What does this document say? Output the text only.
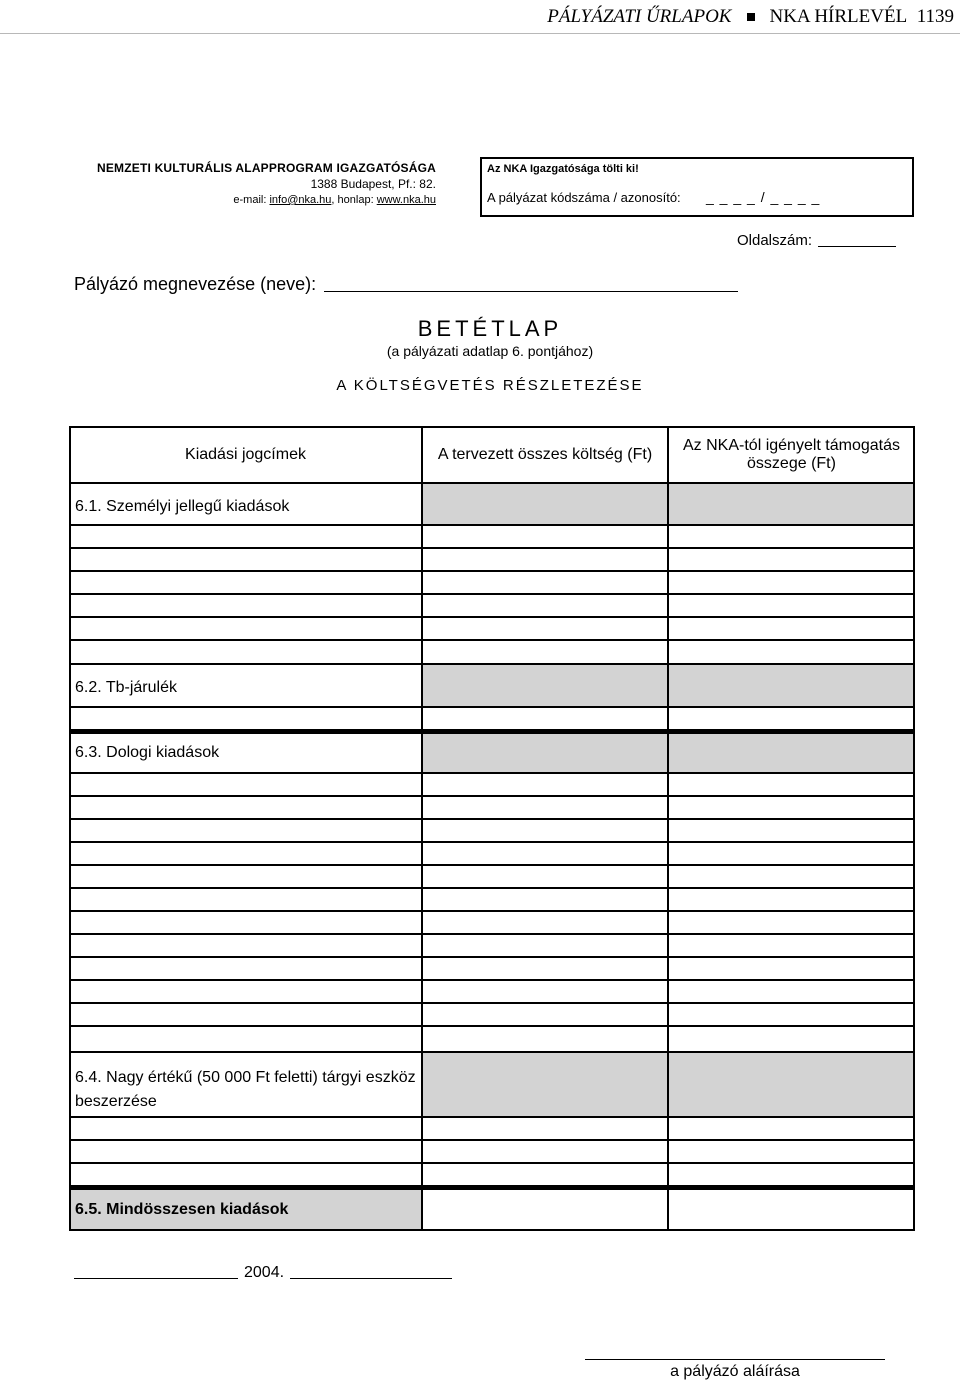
PÁLYÁZATI ŰRLAPOK NKA HÍRLEVÉL 1139
NEMZETI KULTURÁLIS ALAPPROGRAM IGAZGATÓSÁGA
1388 Budapest, Pf.: 82.
e-mail: info@nka.hu, honlap: www.nka.hu
Az NKA Igazgatósága tölti ki!
A pályázat kódszáma / azonosító: _ _ _ _ / _ _ _ _
Oldalszám:
Pályázó megnevezése (neve):
BETÉTLAP
(a pályázati adatlap 6. pontjához)
A KÖLTSÉGVETÉS RÉSZLETEZÉSE
Kiadási jogcímek	A tervezett összes költség (Ft)
Az NKA-tól igényelt támogatás összege (Ft)
6.1. Személyi jellegű kiadások
6.2. Tb-járulék
6.3. Dologi kiadások
6.4. Nagy értékű (50 000 Ft feletti) tárgyi eszköz beszerzése
6.5. Mindösszesen kiadások
2004.
a pályázó aláírása
